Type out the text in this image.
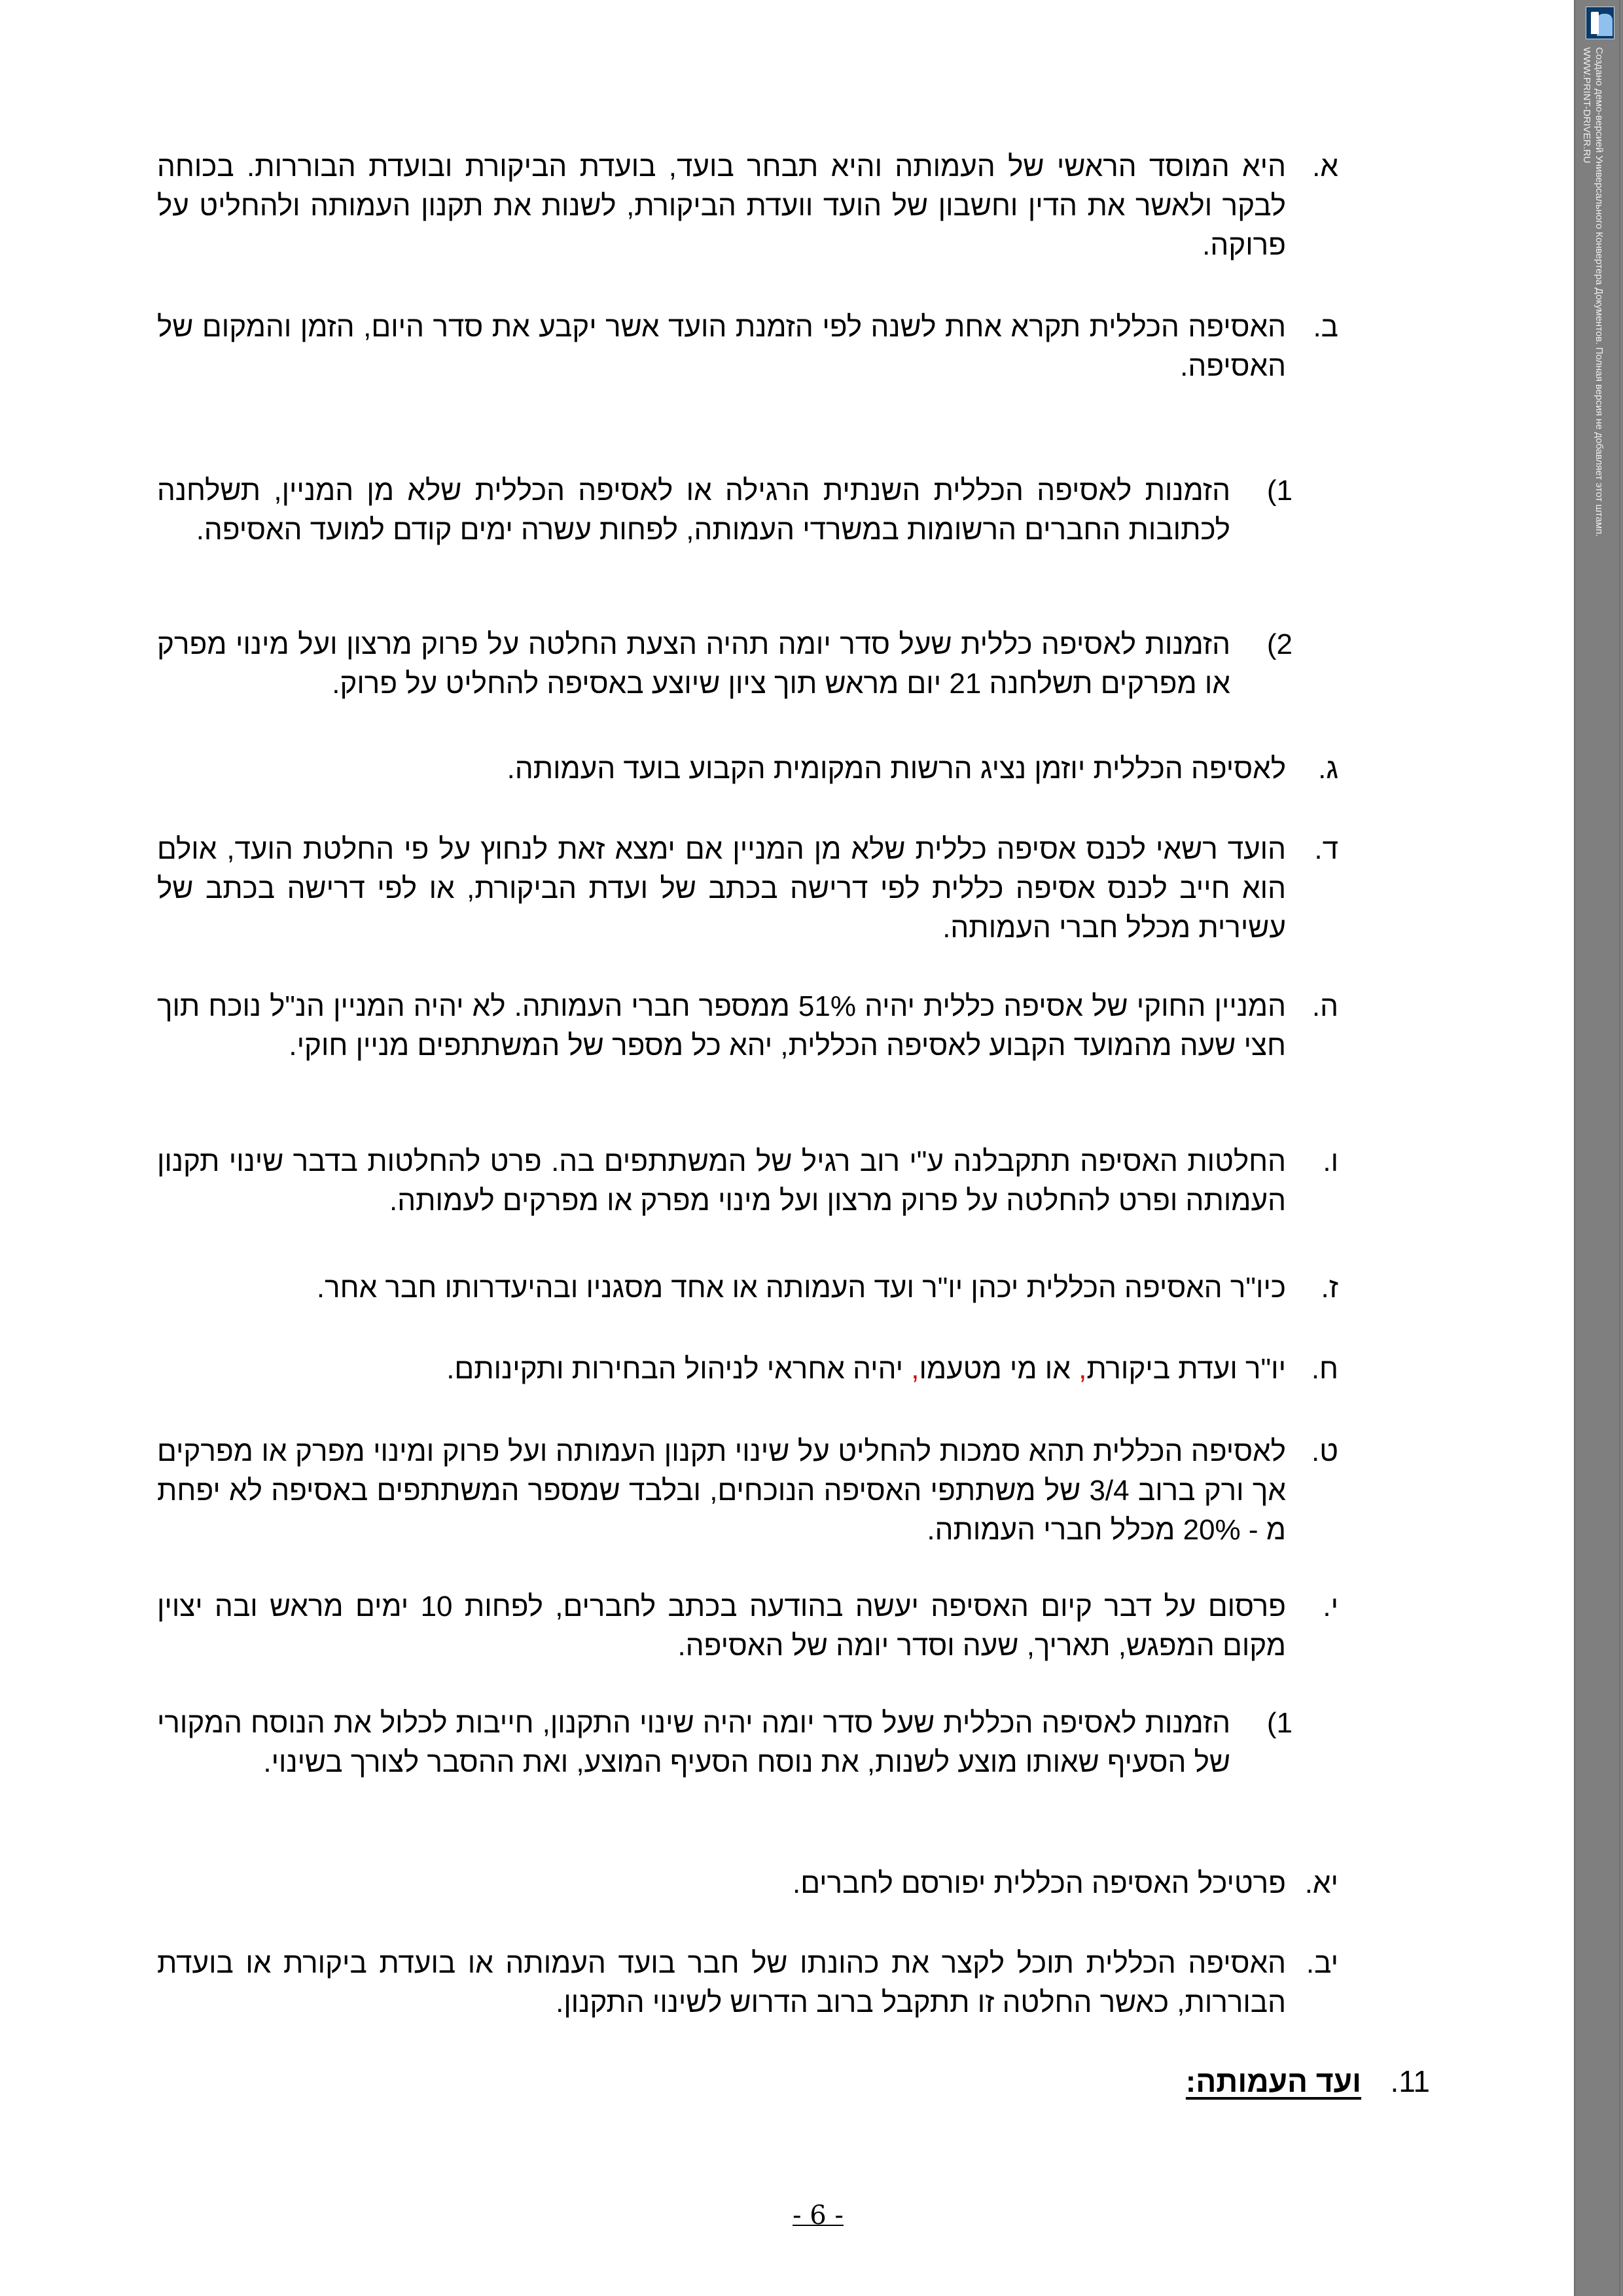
א.
היא המוסד הראשי של העמותה והיא תבחר בועד, בועדת הביקורת ובועדת הבוררות. בכוחה לבקר ולאשר את הדין וחשבון של הועד וועדת הביקורת, לשנות את תקנון העמותה ולהחליט על פרוקה.
ב.
האסיפה הכללית תקרא אחת לשנה לפי הזמנת הועד אשר יקבע את סדר היום, הזמן והמקום של האסיפה.
1)
הזמנות לאסיפה הכללית השנתית הרגילה או לאסיפה הכללית שלא מן המניין, תשלחנה לכתובות החברים הרשומות במשרדי העמותה, לפחות עשרה ימים קודם למועד האסיפה.
2)
הזמנות לאסיפה כללית שעל סדר יומה תהיה הצעת החלטה על פרוק מרצון ועל מינוי מפרק או מפרקים תשלחנה 21 יום מראש תוך ציון שיוצע באסיפה להחליט על פרוק.
ג.
לאסיפה הכללית יוזמן נציג הרשות המקומית הקבוע בועד העמותה.
ד.
הועד רשאי לכנס אסיפה כללית שלא מן המניין אם ימצא זאת לנחוץ על פי החלטת הועד, אולם הוא חייב לכנס אסיפה כללית לפי דרישה בכתב של ועדת הביקורת, או לפי דרישה בכתב של עשירית מכלל חברי העמותה.
ה.
המניין החוקי של אסיפה כללית יהיה 51% ממספר חברי העמותה. לא יהיה המניין הנ"ל נוכח תוך חצי שעה מהמועד הקבוע לאסיפה הכללית, יהא כל מספר של המשתתפים מניין חוקי.
ו.
החלטות האסיפה תתקבלנה ע"י רוב רגיל של המשתתפים בה. פרט להחלטות בדבר שינוי תקנון העמותה ופרט להחלטה על פרוק מרצון ועל מינוי מפרק או מפרקים לעמותה.
ז.
כיו"ר האסיפה הכללית יכהן יו"ר ועד העמותה או אחד מסגניו ובהיעדרותו חבר אחר.
ח.
יו"ר ועדת ביקורת, או מי מטעמו, יהיה אחראי לניהול הבחירות ותקינותם.
ט.
לאסיפה הכללית תהא סמכות להחליט על שינוי תקנון העמותה ועל פרוק ומינוי מפרק או מפרקים אך ורק ברוב 3/4 של משתתפי האסיפה הנוכחים, ובלבד שמספר המשתתפים באסיפה לא יפחת מ - 20% מכלל חברי העמותה.
י.
פרסום על דבר קיום האסיפה יעשה בהודעה בכתב לחברים, לפחות 10 ימים מראש ובה יצוין מקום המפגש, תאריך, שעה וסדר יומה של האסיפה.
1)
הזמנות לאסיפה הכללית שעל סדר יומה יהיה שינוי התקנון, חייבות לכלול את הנוסח המקורי של הסעיף שאותו מוצע לשנות, את נוסח הסעיף המוצע, ואת ההסבר לצורך בשינוי.
יא.
פרטיכל האסיפה הכללית יפורסם לחברים.
יב.
האסיפה הכללית תוכל לקצר את כהונתו של חבר בועד העמותה או בועדת ביקורת או בועדת הבוררות, כאשר החלטה זו תתקבל ברוב הדרוש לשינוי התקנון.
11.
ועד העמותה:
- 6 -
Создано демо-версией Универсального Конвертера Документов. Полная версия не добавляет этот штамп.
WWW.PRINT-DRIVER.RU
